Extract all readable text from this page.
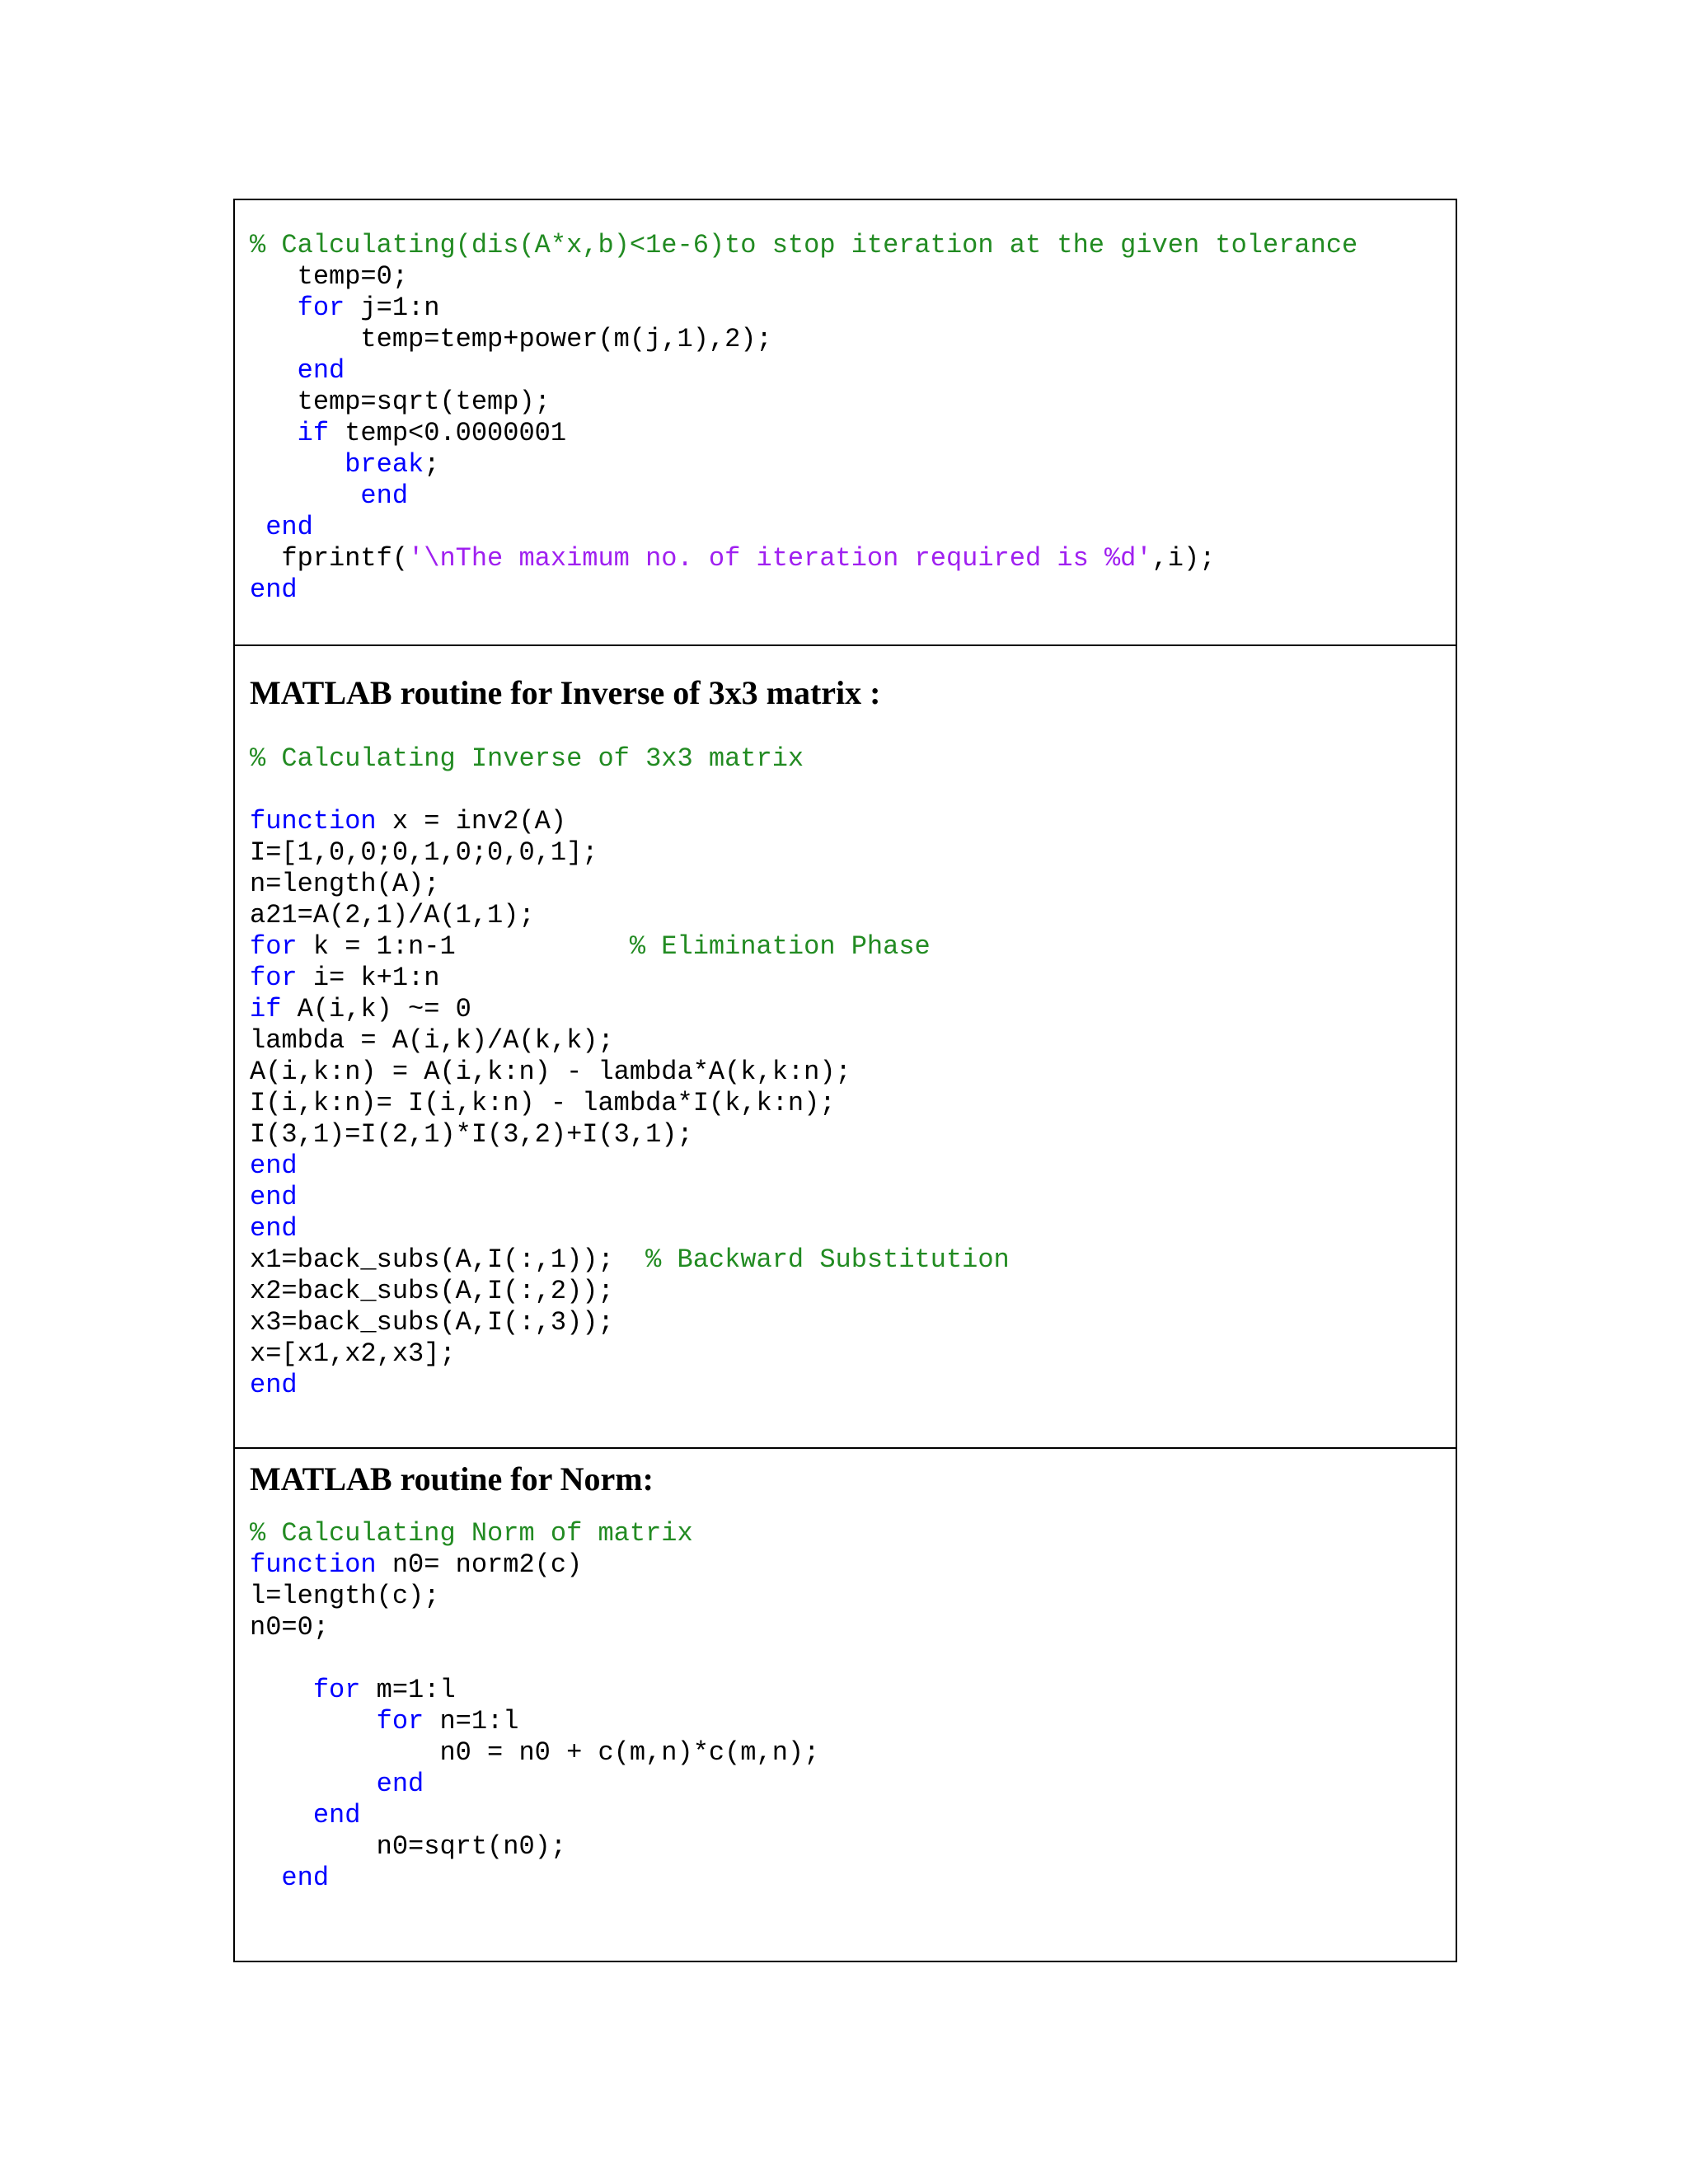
% Calculating(dis(A*x,b)<1e-6)to stop iteration at the given tolerance
temp=0;
for j=1:n
temp=temp+power(m(j,1),2);
end
temp=sqrt(temp);
if temp<0.0000001
break;
end
end
fprintf('\nThe maximum no. of iteration required is %d',i);
end
MATLAB routine for Inverse of 3x3 matrix :
% Calculating Inverse of 3x3 matrix
function x = inv2(A)
I=[1,0,0;0,1,0;0,0,1];
n=length(A);
a21=A(2,1)/A(1,1);
for k = 1:n-1           % Elimination Phase
for i= k+1:n
if A(i,k) ~= 0
lambda = A(i,k)/A(k,k);
A(i,k:n) = A(i,k:n) - lambda*A(k,k:n);
I(i,k:n)= I(i,k:n) - lambda*I(k,k:n);
I(3,1)=I(2,1)*I(3,2)+I(3,1);
end
end
end
x1=back_subs(A,I(:,1));  % Backward Substitution
x2=back_subs(A,I(:,2));
x3=back_subs(A,I(:,3));
x=[x1,x2,x3];
end
MATLAB routine for Norm:
% Calculating Norm of matrix
function n0= norm2(c)
l=length(c);
n0=0;
for m=1:l
for n=1:l
n0 = n0 + c(m,n)*c(m,n);
end
end
n0=sqrt(n0);
end
